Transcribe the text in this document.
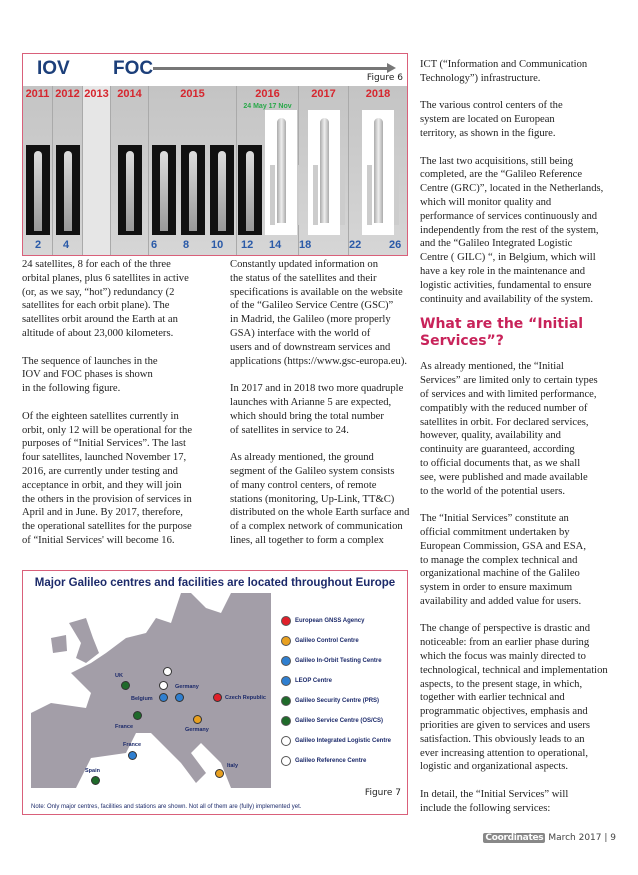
IOV FOC	Figure 6
2011 2012 2013 2014	2015	2016
24 May 17 Nov
2017	2018
2 4	6 8 10 12 14 18	22	26
24 satellites, 8 for each of the three
orbital planes, plus 6 satellites in active
(or, as we say, “hot”) redundancy (2
satellites for each orbit plane). The
satellites orbit around the Earth at an
altitude of about 23,000 kilometers.
The sequence of launches in the
IOV and FOC phases is shown
in the following figure.
Of the eighteen satellites currently in
orbit, only 12 will be operational for the
purposes of “Initial Services”. The last
four satellites, launched November 17,
2016, are currently under testing and
acceptance in orbit, and they will join
the others in the provision of services in
April and in June. By 2017, therefore,
the operational satellites for the purpose
of “Initial Services' will become 16.
Constantly updated information on
the status of the satellites and their
specifications is available on the website
of the “Galileo Service Centre (GSC)”
in Madrid, the Galileo (more properly
GSA) interface with the world of
users and of downstream services and
applications (https://www.gsc-europa.eu).
In 2017 and in 2018 two more quadruple
launches with Arianne 5 are expected,
which should bring the total number
of satellites in service to 24.
As already mentioned, the ground
segment of the Galileo system consists
of many control centers, of remote
stations (monitoring, Up-Link, TT&C)
distributed on the whole Earth surface and
of a complex network of communication
lines, all together to form a complex
ICT (“Information and Communication
Technology”) infrastructure.
The various control centers of the
system are located on European
territory, as shown in the figure.
The last two acquisitions, still being
completed, are the “Galileo Reference
Centre (GRC)”, located in the Netherlands,
which will monitor quality and
performance of services continuously and
independently from the rest of the system,
and the “Galileo Integrated Logistic
Centre ( GILC) “, in Belgium, which will
have a key role in the maintenance and
logistic activities, fundamental to ensure
continuity and availability of the system.
What are the “Initial Services”?
As already mentioned, the “Initial
Services” are limited only to certain types
of services and with limited performance,
compatibly with the reduced number of
satellites in orbit. For declared services,
however, quality, availability and
continuity are guaranteed, according
to official documents that, as we shall
see, were published and made available
to the world of the potential users.
The “Initial Services” constitute an
official commitment undertaken by
European Commission, GSA and ESA,
to manage the complex technical and
organizational machine of the Galileo
system in order to ensure maximum
availability and added value for users.
The change of perspective is drastic and
noticeable: from an earlier phase during
which the focus was mainly directed to
technological, technical and implementation
aspects, to the present stage, in which,
together with earlier technical and
programmatic objectives, emphasis and
priorities are given to services and users
satisfaction. This obviously leads to an
ever increasing attention to operational,
logistic and organizational aspects.
In detail, the “Initial Services” will
include the following services:
Major Galileo centres and facilities are located throughout Europe
UK
Belgium
Germany
Czech Republic
France	Germany
France
Spain
Italy
European GNSS Agency
Galileo Control Centre
Galileo In-Orbit Testing Centre
LEOP Centre
Galileo Security Centre (PRS)
Galileo Service Centre (OS/CS)
Galileo Integrated Logistic Centre
Galileo Reference Centre
Figure 7
Note: Only major centres, facilities and stations are shown. Not all of them are (fully) implemented yet.
Coordinates March 2017 | 9
